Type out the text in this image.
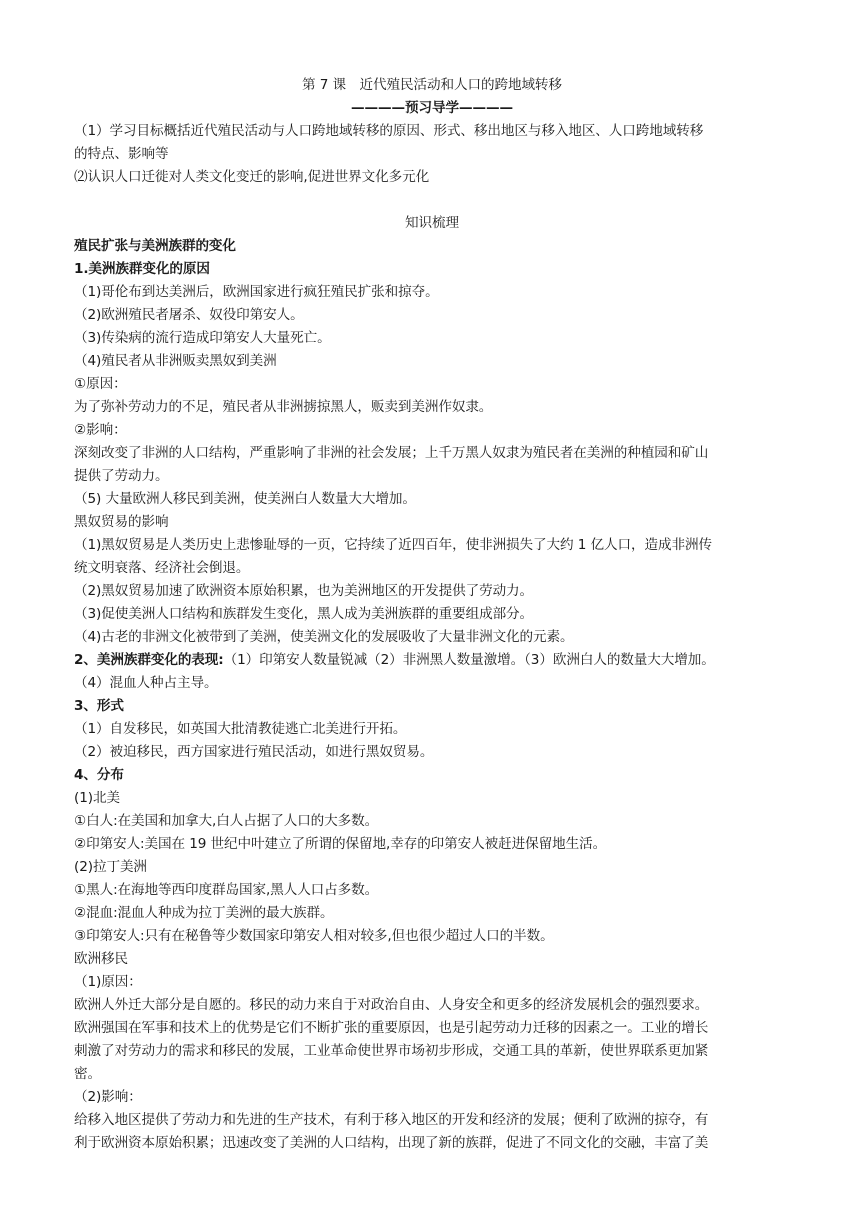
第 7 课　近代殖民活动和人口的跨地域转移
————预习导学————
（1）学习目标概括近代殖民活动与人口跨地域转移的原因、形式、移出地区与移入地区、人口跨地域转移
的特点、影响等
⑵认识人口迁徙对人类文化变迁的影响,促进世界文化多元化
知识梳理
殖民扩张与美洲族群的变化
1.美洲族群变化的原因
（1)哥伦布到达美洲后，欧洲国家进行疯狂殖民扩张和掠夺。
（2)欧洲殖民者屠杀、奴役印第安人。
（3)传染病的流行造成印第安人大量死亡。
（4)殖民者从非洲贩卖黑奴到美洲
①原因：
为了弥补劳动力的不足，殖民者从非洲掳掠黑人，贩卖到美洲作奴隶。
②影响：
深刻改变了非洲的人口结构，严重影响了非洲的社会发展；上千万黑人奴隶为殖民者在美洲的种植园和矿山
提供了劳动力。
（5) 大量欧洲人移民到美洲，使美洲白人数量大大增加。
黑奴贸易的影响
（1)黑奴贸易是人类历史上悲惨耻辱的一页，它持续了近四百年，使非洲损失了大约 1 亿人口，造成非洲传
统文明衰落、经济社会倒退。
（2)黑奴贸易加速了欧洲资本原始积累，也为美洲地区的开发提供了劳动力。
（3)促使美洲人口结构和族群发生变化，黑人成为美洲族群的重要组成部分。
（4)古老的非洲文化被带到了美洲，使美洲文化的发展吸收了大量非洲文化的元素。
2、美洲族群变化的表现:（1）印第安人数量锐减（2）非洲黑人数量激增。（3）欧洲白人的数量大大增加。
（4）混血人种占主导。
3、形式
（1）自发移民，如英国大批清教徒逃亡北美进行开拓。
（2）被迫移民，西方国家进行殖民活动，如进行黑奴贸易。
4、分布
(1)北美
①白人:在美国和加拿大,白人占据了人口的大多数。
②印第安人:美国在 19 世纪中叶建立了所谓的保留地,幸存的印第安人被赶进保留地生活。
(2)拉丁美洲
①黑人:在海地等西印度群岛国家,黑人人口占多数。
②混血:混血人种成为拉丁美洲的最大族群。
③印第安人:只有在秘鲁等少数国家印第安人相对较多,但也很少超过人口的半数。
欧洲移民
（1)原因：
欧洲人外迁大部分是自愿的。移民的动力来自于对政治自由、人身安全和更多的经济发展机会的强烈要求。
欧洲强国在军事和技术上的优势是它们不断扩张的重要原因，也是引起劳动力迁移的因素之一。工业的增长
刺激了对劳动力的需求和移民的发展，工业革命使世界市场初步形成，交通工具的革新，使世界联系更加紧
密。
（2)影响：
给移入地区提供了劳动力和先进的生产技术，有利于移入地区的开发和经济的发展；便利了欧洲的掠夺，有
利于欧洲资本原始积累；迅速改变了美洲的人口结构，出现了新的族群，促进了不同文化的交融，丰富了美
